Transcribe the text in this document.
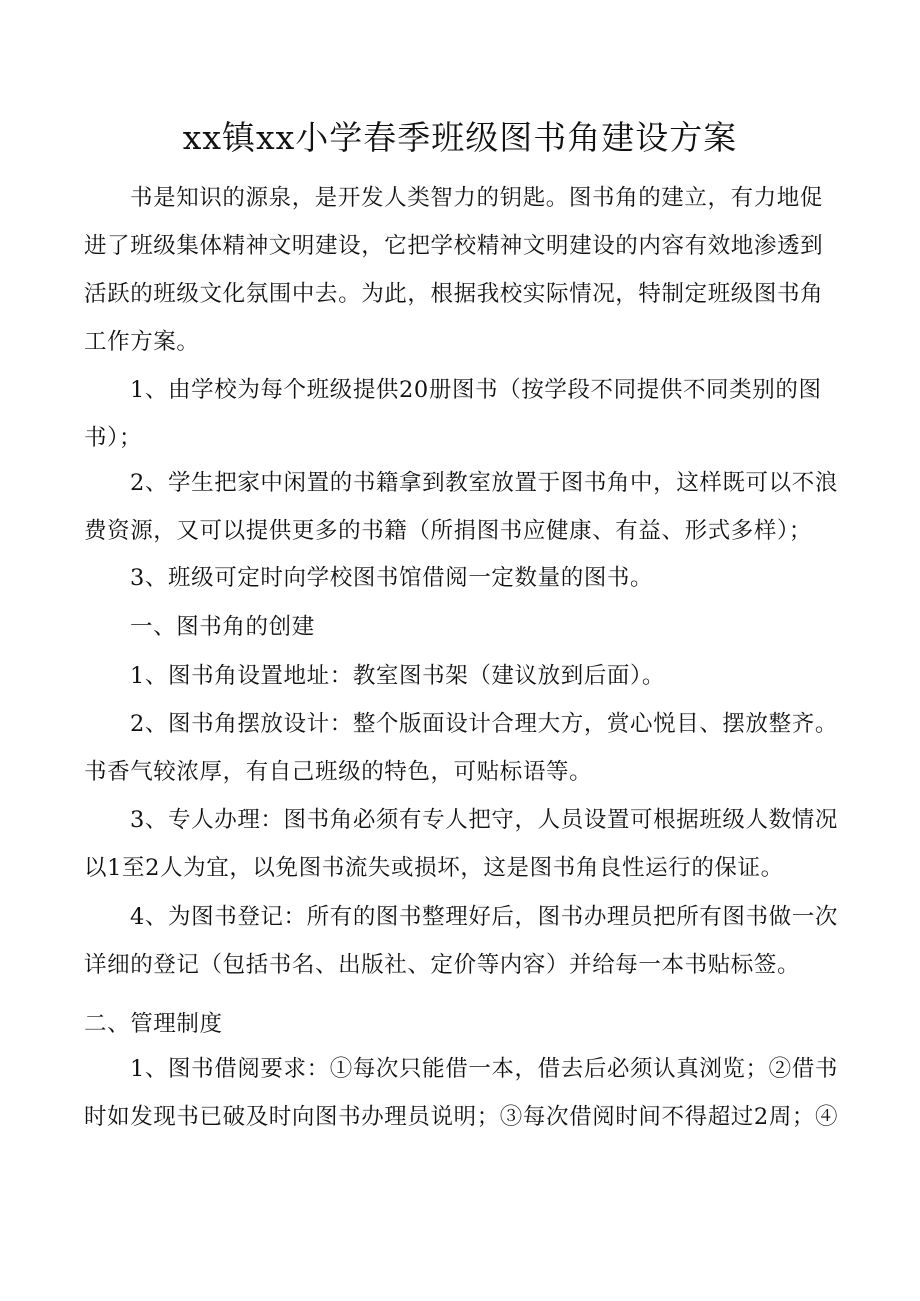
xx镇xx小学春季班级图书角建设方案

书是知识的源泉，是开发人类智力的钥匙。图书角的建立，有力地促进了班级集体精神文明建设，它把学校精神文明建设的内容有效地渗透到活跃的班级文化氛围中去。为此，根据我校实际情况，特制定班级图书角工作方案。

1、由学校为每个班级提供20册图书（按学段不同提供不同类别的图书）；

2、学生把家中闲置的书籍拿到教室放置于图书角中，这样既可以不浪费资源，又可以提供更多的书籍（所捐图书应健康、有益、形式多样）；

3、班级可定时向学校图书馆借阅一定数量的图书。

一、图书角的创建

1、图书角设置地址：教室图书架（建议放到后面）。

2、图书角摆放设计：整个版面设计合理大方，赏心悦目、摆放整齐。书香气较浓厚，有自己班级的特色，可贴标语等。

3、专人办理：图书角必须有专人把守，人员设置可根据班级人数情况以1至2人为宜，以免图书流失或损坏，这是图书角良性运行的保证。

4、为图书登记：所有的图书整理好后，图书办理员把所有图书做一次详细的登记（包括书名、出版社、定价等内容）并给每一本书贴标签。

二、管理制度

1、图书借阅要求：①每次只能借一本，借去后必须认真浏览；②借书时如发现书已破及时向图书办理员说明；③每次借阅时间不得超过2周；④
